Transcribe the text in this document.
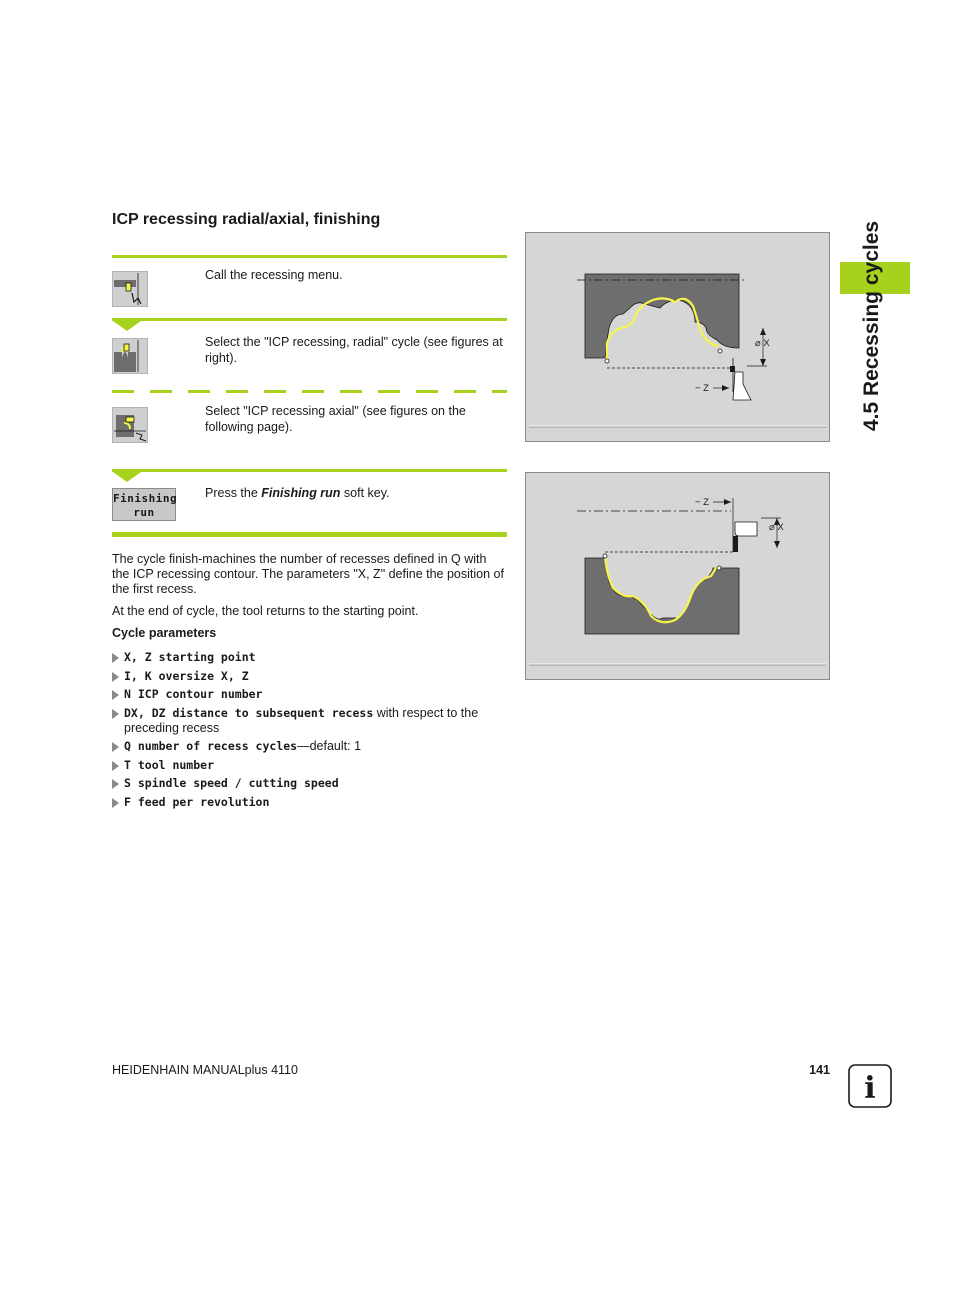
ICP recessing radial/axial, finishing
Call the recessing menu.
Select the "ICP recessing, radial" cycle (see figures at right).
Select "ICP recessing axial" (see figures on the following page).
Finishing
run
Press the Finishing run soft key.

The cycle finish-machines the number of recesses defined in Q with the ICP recessing contour. The parameters "X, Z" define the position of the first recess.

At the end of cycle, the tool returns to the starting point.

Cycle parameters
X, Z starting point
I, K oversize X, Z
N ICP contour number
DX, DZ distance to subsequent recess with respect to the preceding recess
Q number of recess cycles—default: 1
T tool number
S spindle speed / cutting speed
F feed per revolution
⌀ X
− Z
⌀ X
− Z
4.5 Recessing cycles
HEIDENHAIN MANUALplus 4110	141
i
